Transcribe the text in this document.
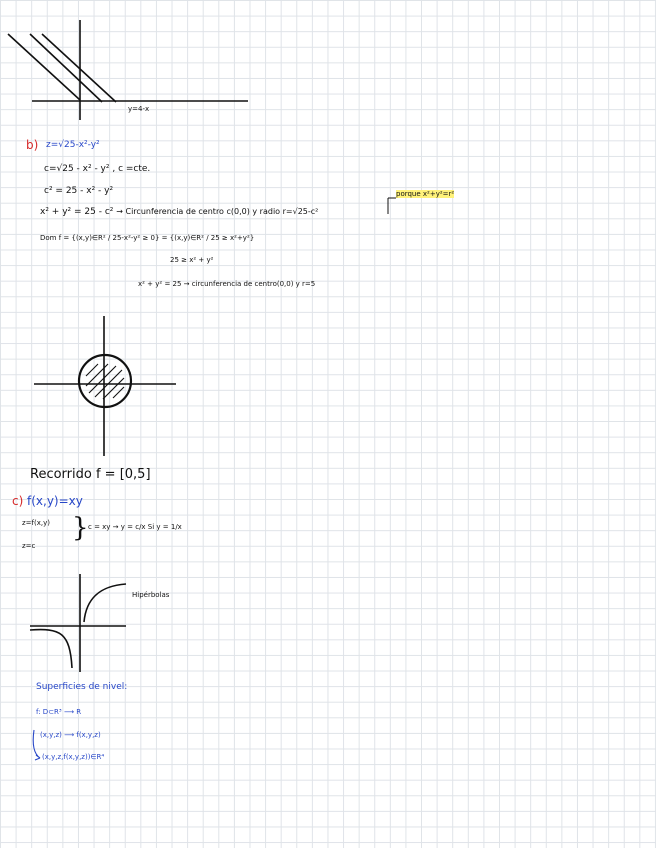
y=4-x
b) z=√25-x²-y²
c=√25 - x² - y² , c =cte.
c² = 25 - x² - y²
x² + y² = 25 - c² → Circunferencia de centro c(0,0) y radio r=√25-c²
porque x²+y²=r²
Dom f = {(x,y)∈R² / 25-x²-y² ≥ 0} = {(x,y)∈R² / 25 ≥ x²+y²}
25 ≥ x² + y²
x² + y² = 25 → circunferencia de centro(0,0) y r=5
Recorrido f = [0,5]
c) f(x,y)=xy
z=f(x,y)
z=c
} c = xy → y = c/x Si y = 1/x
Hipérbolas
Superficies de nivel:
f: D⊂R³ ⟶ R
(x,y,z) ⟶ f(x,y,z)
(x,y,z,f(x,y,z))∈R⁴
